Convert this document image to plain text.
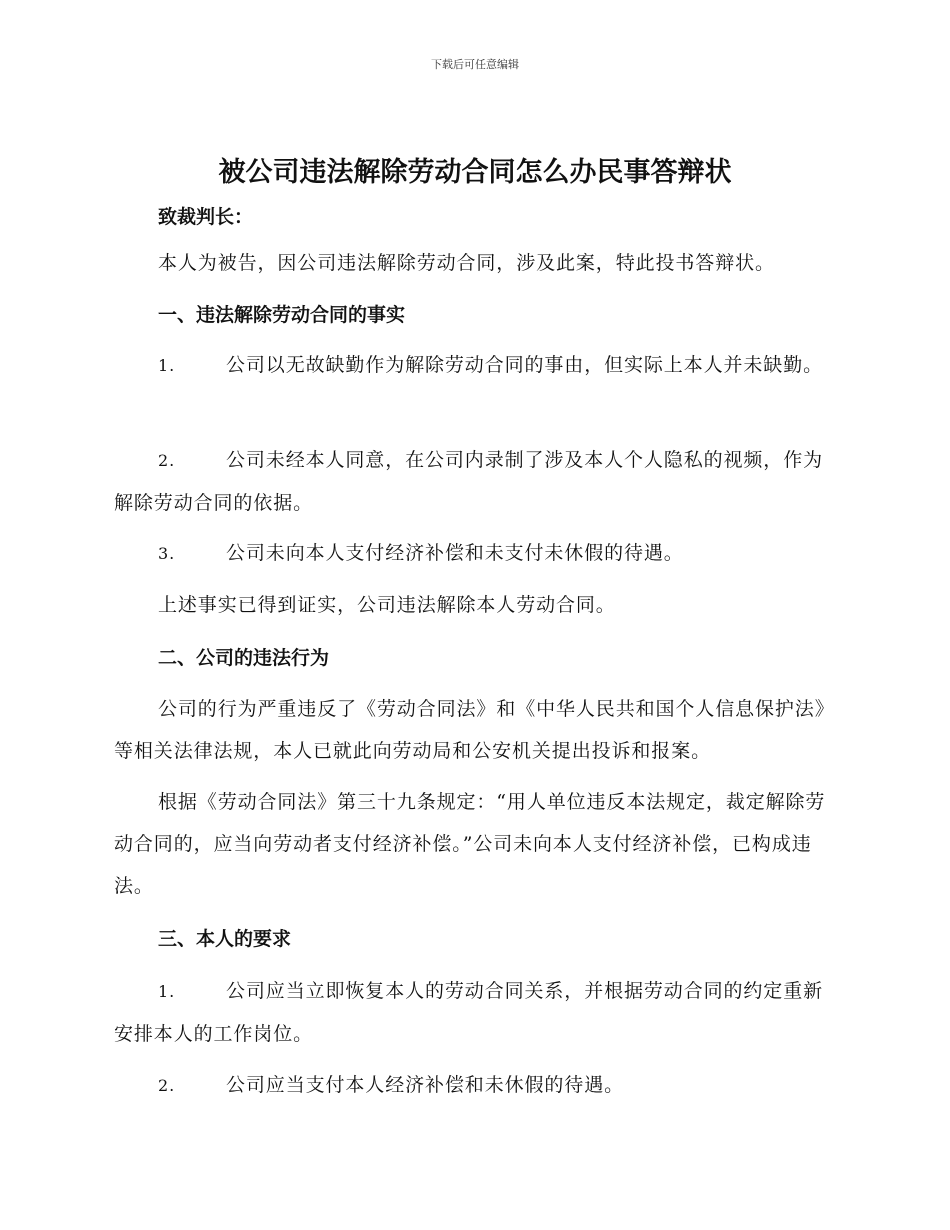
下载后可任意编辑
被公司违法解除劳动合同怎么办民事答辩状

致裁判长：

本人为被告，因公司违法解除劳动合同，涉及此案，特此投书答辩状。

一、违法解除劳动合同的事实

1.	公司以无故缺勤作为解除劳动合同的事由，但实际上本人并未缺勤。

2.	公司未经本人同意，在公司内录制了涉及本人个人隐私的视频，作为解除劳动合同的依据。

3.	公司未向本人支付经济补偿和未支付未休假的待遇。

上述事实已得到证实，公司违法解除本人劳动合同。

二、公司的违法行为

公司的行为严重违反了《劳动合同法》和《中华人民共和国个人信息保护法》等相关法律法规，本人已就此向劳动局和公安机关提出投诉和报案。

根据《劳动合同法》第三十九条规定：“用人单位违反本法规定，裁定解除劳动合同的，应当向劳动者支付经济补偿。”公司未向本人支付经济补偿，已构成违法。

三、本人的要求

1.	公司应当立即恢复本人的劳动合同关系，并根据劳动合同的约定重新安排本人的工作岗位。

2.	公司应当支付本人经济补偿和未休假的待遇。
